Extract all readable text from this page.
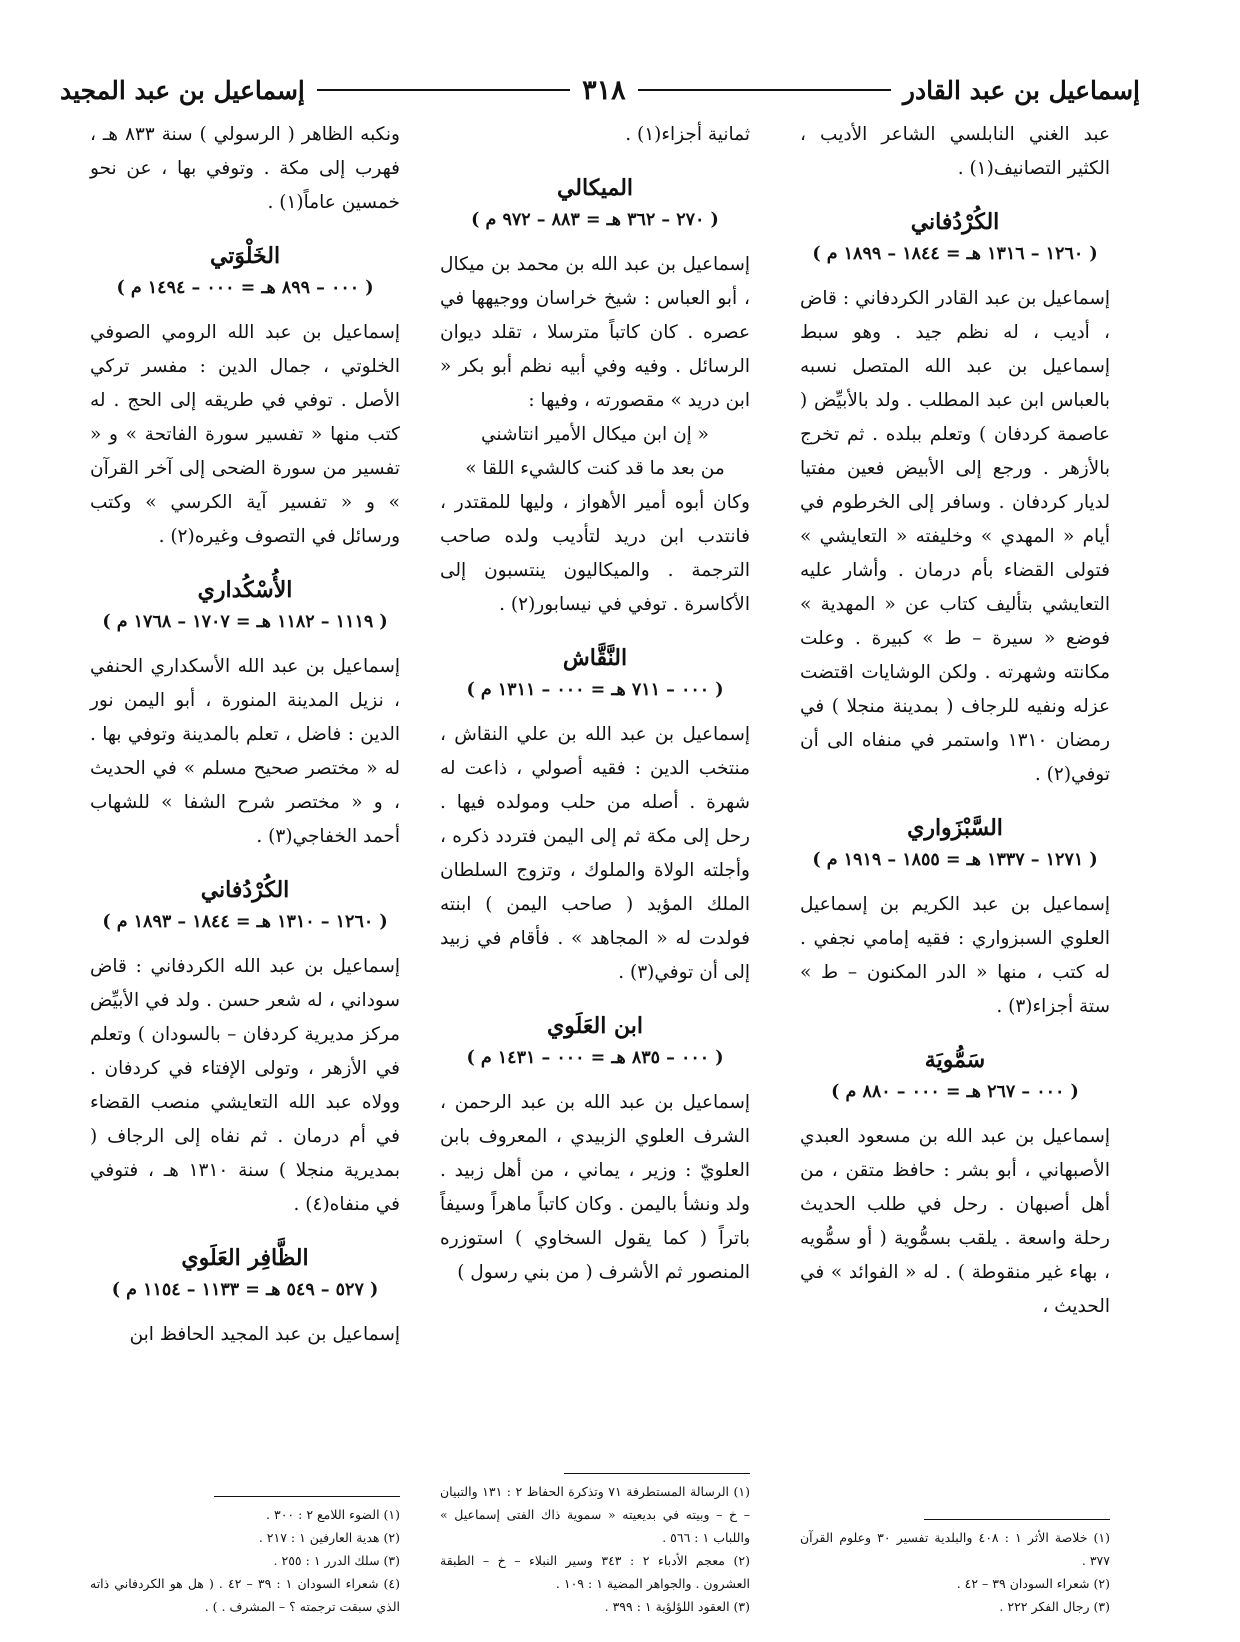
إسماعيل بن عبد القادر
٣١٨
إسماعيل بن عبد المجيد

عبد الغني النابلسي الشاعر الأديب ، الكثير التصانيف(١) .

الكُرْدُفاني

( ١٢٦٠ – ١٣١٦ هـ = ١٨٤٤ – ١٨٩٩ م )

إسماعيل بن عبد القادر الكردفاني : قاض ، أديب ، له نظم جيد . وهو سبط إسماعيل بن عبد الله المتصل نسبه بالعباس ابن عبد المطلب . ولد بالأبيِّض ( عاصمة كردفان ) وتعلم ببلده . ثم تخرج بالأزهر . ورجع إلى الأبيض فعين مفتيا لديار كردفان . وسافر إلى الخرطوم في أيام « المهدي » وخليفته « التعايشي » فتولى القضاء بأم درمان . وأشار عليه التعايشي بتأليف كتاب عن « المهدية » فوضع « سيرة – ط » كبيرة . وعلت مكانته وشهرته . ولكن الوشايات اقتضت عزله ونفيه للرجاف ( بمدينة منجلا ) في رمضان ١٣١٠ واستمر في منفاه الى أن توفي(٢) .

السَّبْزَواري

( ١٢٧١ – ١٣٣٧ هـ = ١٨٥٥ – ١٩١٩ م )

إسماعيل بن عبد الكريم بن إسماعيل العلوي السبزواري : فقيه إمامي نجفي . له كتب ، منها « الدر المكنون – ط » ستة أجزاء(٣) .

سَمُّويَة

( ٠٠٠ – ٢٦٧ هـ = ٠٠٠ – ٨٨٠ م )

إسماعيل بن عبد الله بن مسعود العبدي الأصبهاني ، أبو بشر : حافظ متقن ، من أهل أصبهان . رحل في طلب الحديث رحلة واسعة . يلقب بسمُّوية ( أو سمُّويه ، بهاء غير منقوطة ) . له « الفوائد » في الحديث ،

(١) خلاصة الأثر ١ : ٤٠٨ والبلدية تفسير ٣٠ وعلوم القرآن ٣٧٧ .

(٢) شعراء السودان ٣٩ – ٤٢ .

(٣) رجال الفكر ٢٢٢ .

ثمانية أجزاء(١) .

الميكالي

( ٢٧٠ – ٣٦٢ هـ = ٨٨٣ – ٩٧٢ م )

إسماعيل بن عبد الله بن محمد بن ميكال ، أبو العباس : شيخ خراسان ووجيهها في عصره . كان كاتباً مترسلا ، تقلد ديوان الرسائل . وفيه وفي أبيه نظم أبو بكر « ابن دريد » مقصورته ، وفيها :

« إن ابن ميكال الأمير انتاشني

من بعد ما قد كنت كالشيء اللقا »

وكان أبوه أمير الأهواز ، وليها للمقتدر ، فانتدب ابن دريد لتأديب ولده صاحب الترجمة . والميكاليون ينتسبون إلى الأكاسرة . توفي في نيسابور(٢) .

النَّقَّاش

( ٠٠٠ – ٧١١ هـ = ٠٠٠ – ١٣١١ م )

إسماعيل بن عبد الله بن علي النقاش ، منتخب الدين : فقيه أصولي ، ذاعت له شهرة . أصله من حلب ومولده فيها . رحل إلى مكة ثم إلى اليمن فتردد ذكره ، وأجلته الولاة والملوك ، وتزوج السلطان الملك المؤيد ( صاحب اليمن ) ابنته فولدت له « المجاهد » . فأقام في زبيد إلى أن توفي(٣) .

ابن العَلَوي

( ٠٠٠ – ٨٣٥ هـ = ٠٠٠ – ١٤٣١ م )

إسماعيل بن عبد الله بن عبد الرحمن ، الشرف العلوي الزبيدي ، المعروف بابن العلويّ : وزير ، يماني ، من أهل زبيد . ولد ونشأ باليمن . وكان كاتباً ماهراً وسيفاً باتراً ( كما يقول السخاوي ) استوزره المنصور ثم الأشرف ( من بني رسول )

(١) الرسالة المستطرفة ٧١ وتذكرة الحفاظ ٢ : ١٣١ والتبيان – خ – وبيته في بديعيته « سموية ذاك الفتى إسماعيل » واللباب ١ : ٥٦٦ .

(٢) معجم الأدباء ٢ : ٣٤٣ وسير النبلاء – خ – الطبقة العشرون . والجواهر المضية ١ : ١٠٩ .

(٣) العقود اللؤلؤية ١ : ٣٩٩ .

ونكبه الظاهر ( الرسولي ) سنة ٨٣٣ هـ ، فهرب إلى مكة . وتوفي بها ، عن نحو خمسين عاماً(١) .

الخَلْوَتي

( ٠٠٠ – ٨٩٩ هـ = ٠٠٠ – ١٤٩٤ م )

إسماعيل بن عبد الله الرومي الصوفي الخلوتي ، جمال الدين : مفسر تركي الأصل . توفي في طريقه إلى الحج . له كتب منها « تفسير سورة الفاتحة » و « تفسير من سورة الضحى إلى آخر القرآن » و « تفسير آية الكرسي » وكتب ورسائل في التصوف وغيره(٢) .

الأُسْكُداري

( ١١١٩ – ١١٨٢ هـ = ١٧٠٧ – ١٧٦٨ م )

إسماعيل بن عبد الله الأسكداري الحنفي ، نزيل المدينة المنورة ، أبو اليمن نور الدين : فاضل ، تعلم بالمدينة وتوفي بها . له « مختصر صحيح مسلم » في الحديث ، و « مختصر شرح الشفا » للشهاب أحمد الخفاجي(٣) .

الكُرْدُفاني

( ١٢٦٠ – ١٣١٠ هـ = ١٨٤٤ – ١٨٩٣ م )

إسماعيل بن عبد الله الكردفاني : قاض سوداني ، له شعر حسن . ولد في الأبيِّض مركز مديرية كردفان – بالسودان ) وتعلم في الأزهر ، وتولى الإفتاء في كردفان . وولاه عبد الله التعايشي منصب القضاء في أم درمان . ثم نفاه إلى الرجاف ( بمديرية منجلا ) سنة ١٣١٠ هـ ، فتوفي في منفاه(٤) .

الظَّافِر العَلَوي

( ٥٢٧ – ٥٤٩ هـ = ١١٣٣ – ١١٥٤ م )

إسماعيل بن عبد المجيد الحافظ ابن

(١) الضوء اللامع ٢ : ٣٠٠ .

(٢) هدية العارفين ١ : ٢١٧ .

(٣) سلك الدرر ١ : ٢٥٥ .

(٤) شعراء السودان ١ : ٣٩ – ٤٢ . ( هل هو الكردفاني ذاته الذي سبقت ترجمته ؟ – المشرف . ) .
